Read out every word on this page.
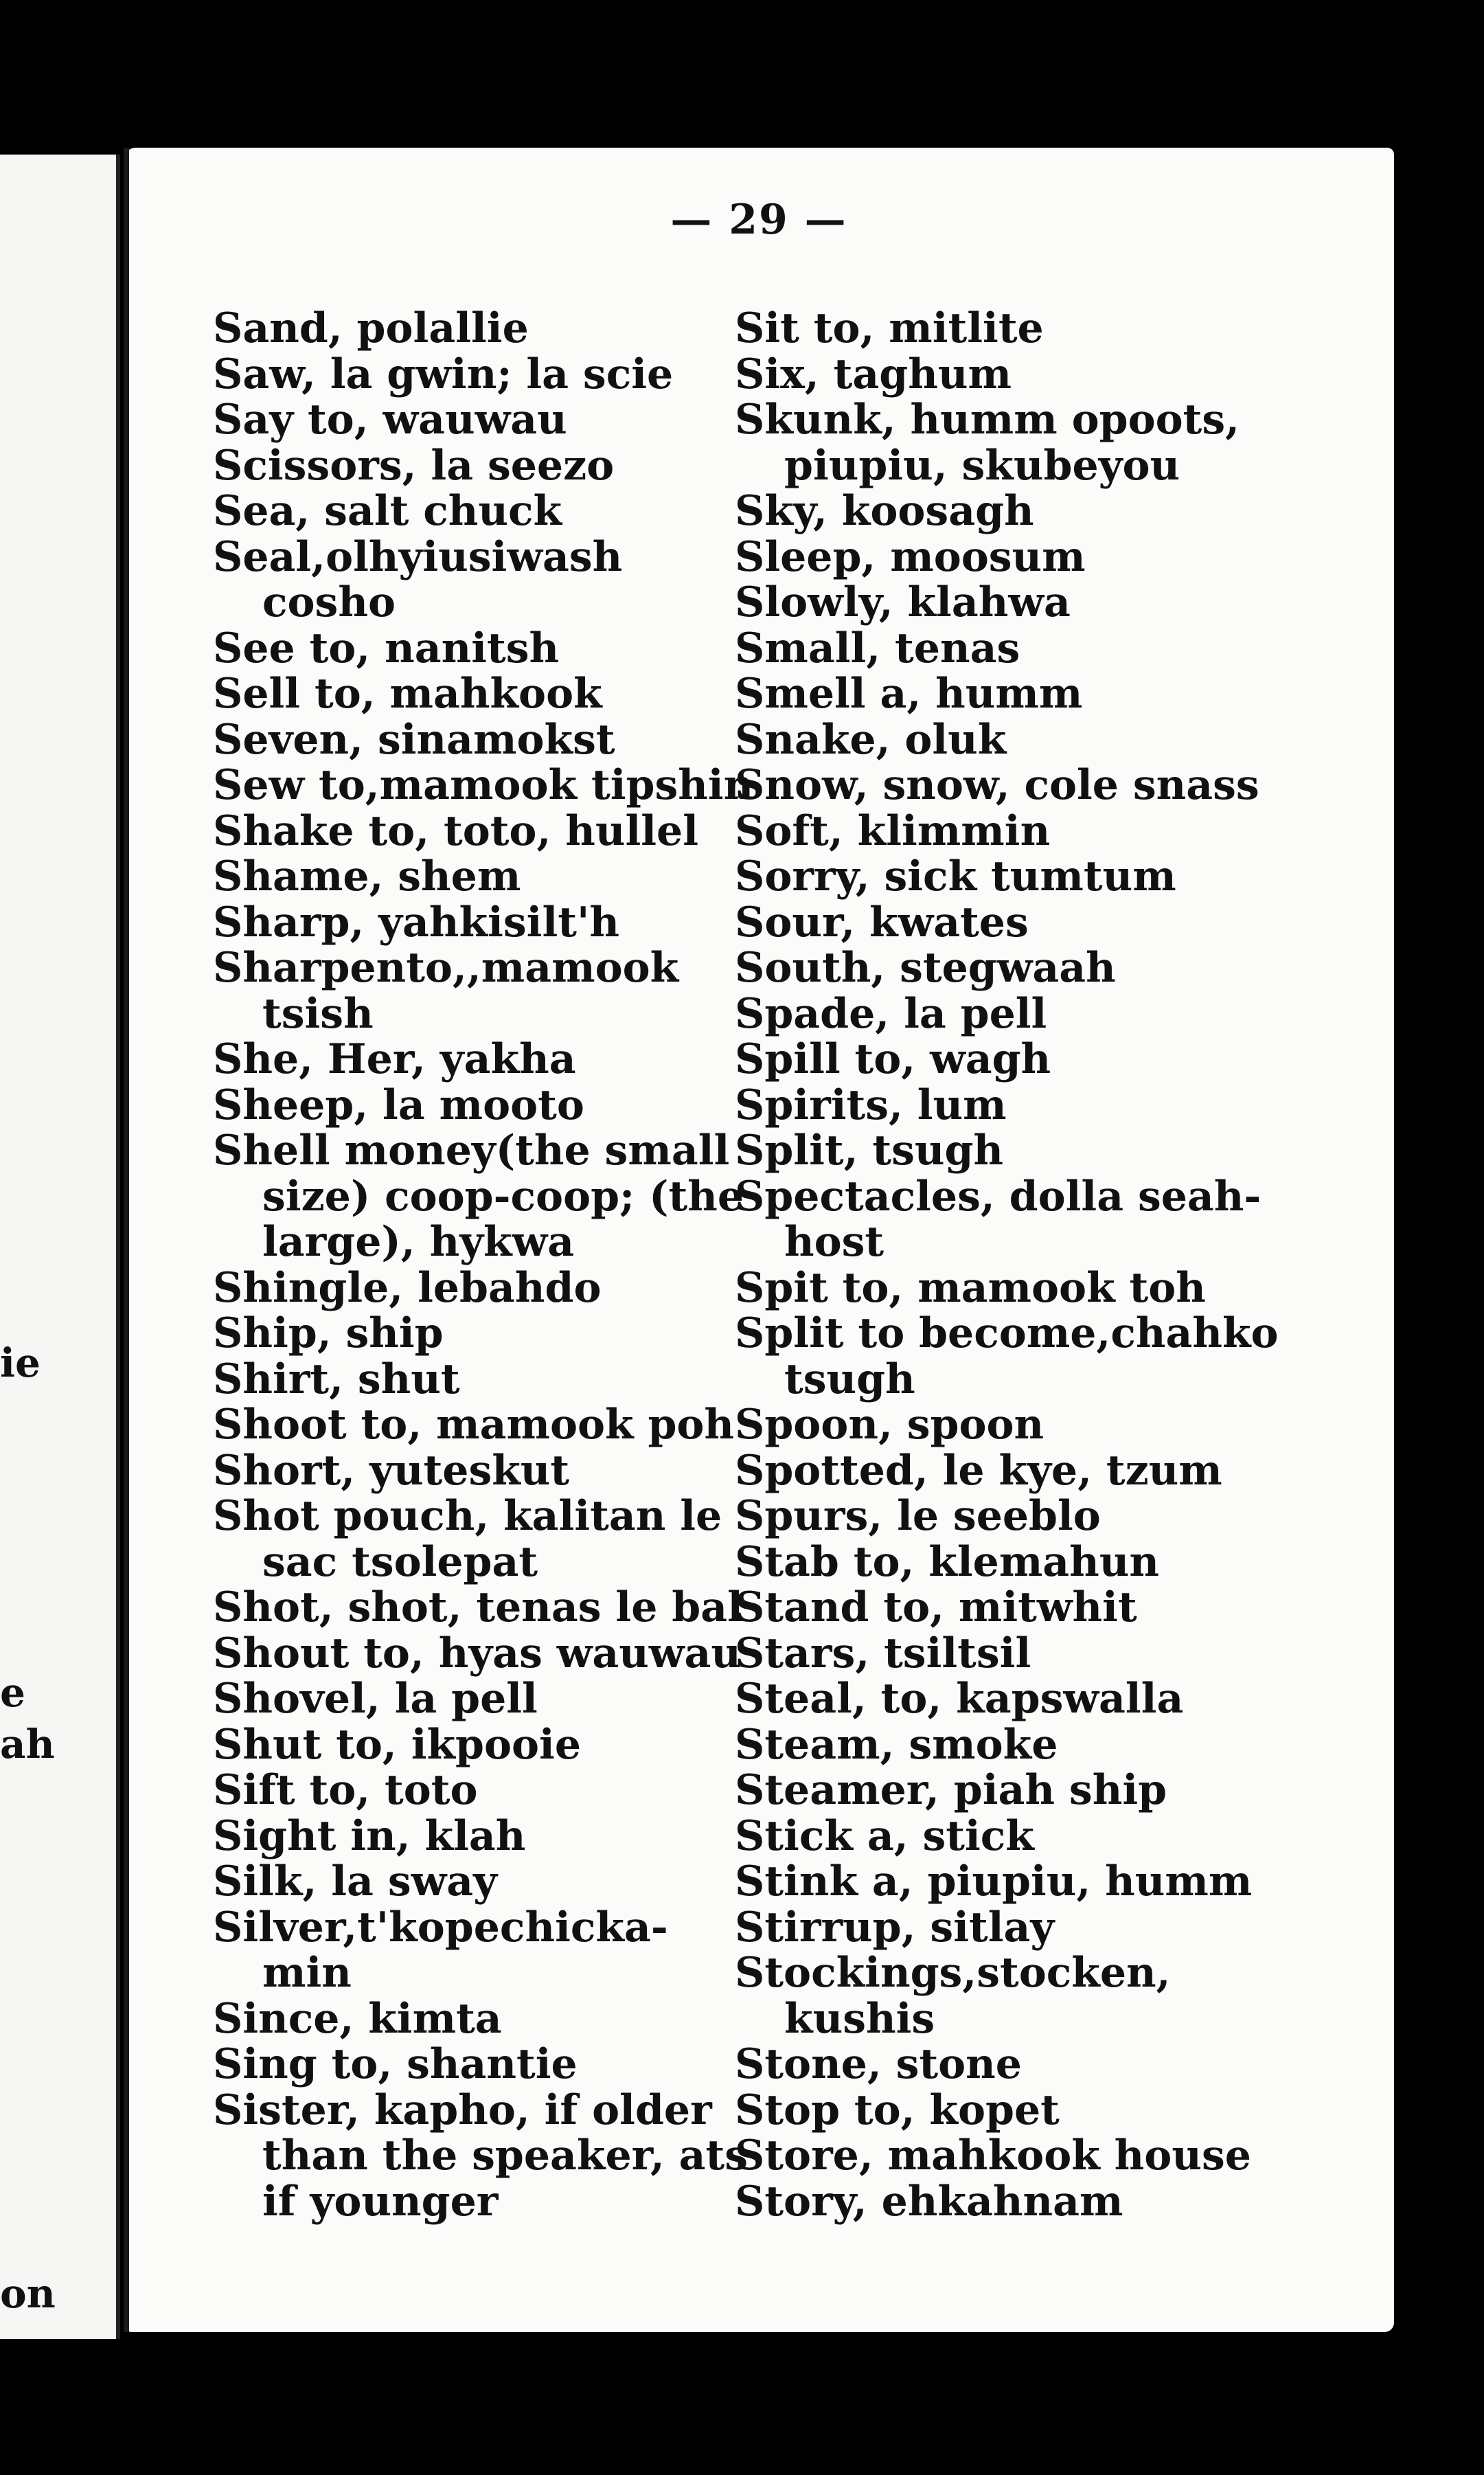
ie
e
ah
on
— 29 —
Sand, polallie
Saw, la gwin; la scie
Say to, wauwau
Scissors, la seezo
Sea, salt chuck
Seal,olhyiusiwash
cosho
See to, nanitsh
Sell to, mahkook
Seven, sinamokst
Sew to,mamook tipshin
Shake to, toto, hullel
Shame, shem
Sharp, yahkisilt'h
Sharpento,,mamook
tsish
She, Her, yakha
Sheep, la mooto
Shell money(the small
size) coop-coop; (the
large), hykwa
Shingle, lebahdo
Ship, ship
Shirt, shut
Shoot to, mamook poh
Short, yuteskut
Shot pouch, kalitan le
sac tsolepat
Shot, shot, tenas le bal
Shout to, hyas wauwau
Shovel, la pell
Shut to, ikpooie
Sift to, toto
Sight in, klah
Silk, la sway
Silver,t'kopechicka-
min
Since, kimta
Sing to, shantie
Sister, kapho, if older
than the speaker, ats
if younger
Sit to, mitlite
Six, taghum
Skunk, humm opoots,
piupiu, skubeyou
Sky, koosagh
Sleep, moosum
Slowly, klahwa
Small, tenas
Smell a, humm
Snake, oluk
Snow, snow, cole snass
Soft, klimmin
Sorry, sick tumtum
Sour, kwates
South, stegwaah
Spade, la pell
Spill to, wagh
Spirits, lum
Split, tsugh
Spectacles, dolla seah-
host
Spit to, mamook toh
Split to become,chahko
tsugh
Spoon, spoon
Spotted, le kye, tzum
Spurs, le seeblo
Stab to, klemahun
Stand to, mitwhit
Stars, tsiltsil
Steal, to, kapswalla
Steam, smoke
Steamer, piah ship
Stick a, stick
Stink a, piupiu, humm
Stirrup, sitlay
Stockings,stocken,
kushis
Stone, stone
Stop to, kopet
Store, mahkook house
Story, ehkahnam
